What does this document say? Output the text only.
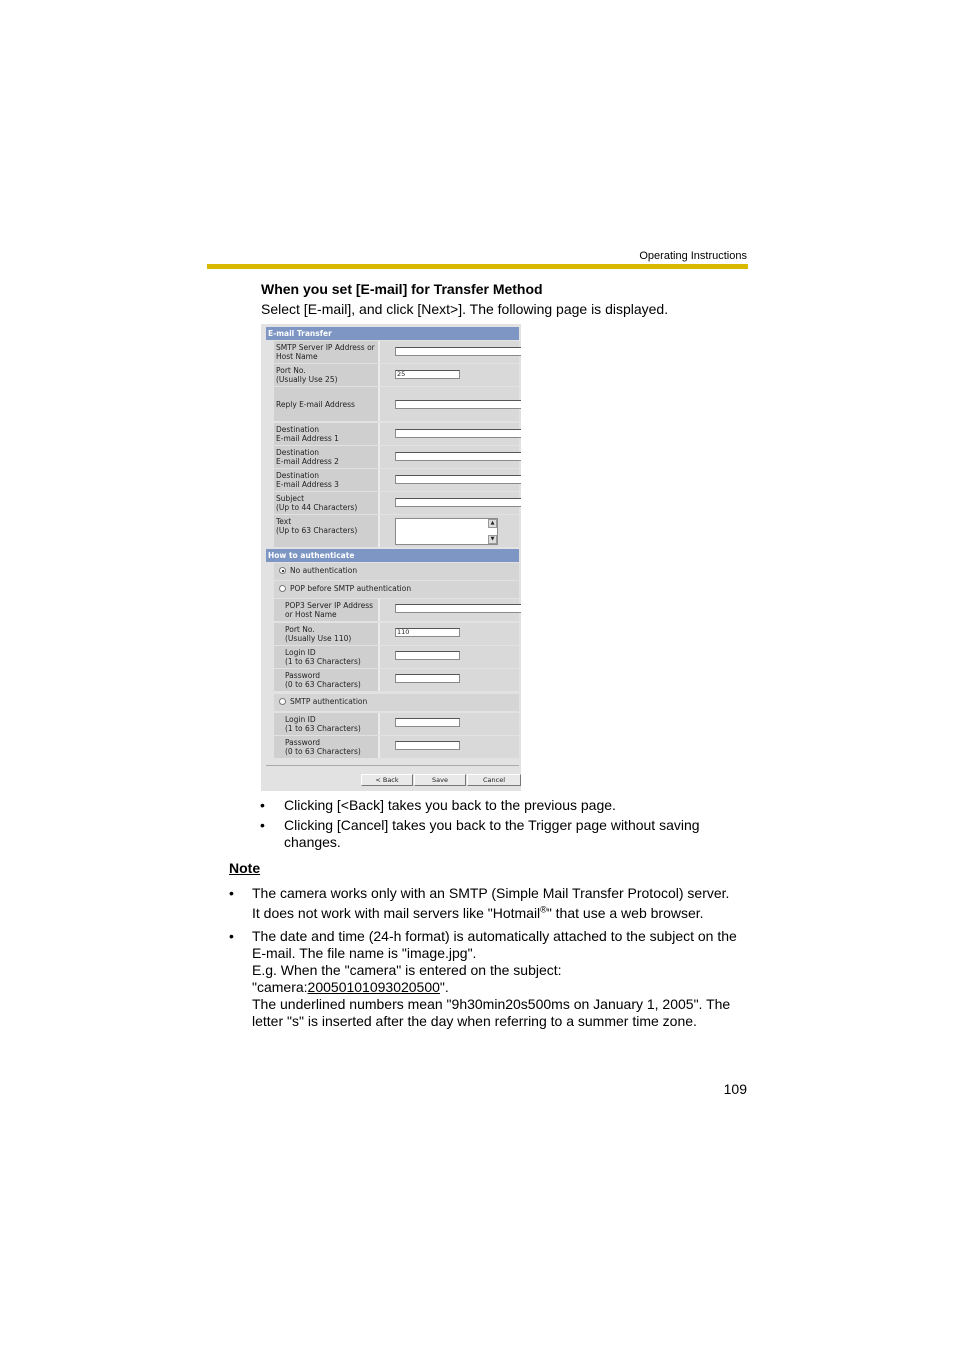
Operating Instructions
When you set [E-mail] for Transfer Method
Select [E-mail], and click [Next>]. The following page is displayed.
E-mail Transfer
SMTP Server IP Address or
Host Name
Port No.
(Usually Use 25)
25
Reply E-mail Address
Destination
E-mail Address 1
Destination
E-mail Address 2
Destination
E-mail Address 3
Subject
(Up to 44 Characters)
Text
(Up to 63 Characters)
▲
▼
How to authenticate
No authentication
POP before SMTP authentication
POP3 Server IP Address
or Host Name
Port No.
(Usually Use 110)
110
Login ID
(1 to 63 Characters)
Password
(0 to 63 Characters)
SMTP authentication
Login ID
(1 to 63 Characters)
Password
(0 to 63 Characters)
< Back	Save	Cancel
• Clicking [<Back] takes you back to the previous page.
• Clicking [Cancel] takes you back to the Trigger page without saving
changes.
Note
• The camera works only with an SMTP (Simple Mail Transfer Protocol) server.
It does not work with mail servers like "Hotmail®" that use a web browser.
• The date and time (24-h format) is automatically attached to the subject on the
E-mail. The file name is "image.jpg".
E.g. When the "camera" is entered on the subject:
"camera:20050101093020500".
The underlined numbers mean "9h30min20s500ms on January 1, 2005". The
letter "s" is inserted after the day when referring to a summer time zone.
109
